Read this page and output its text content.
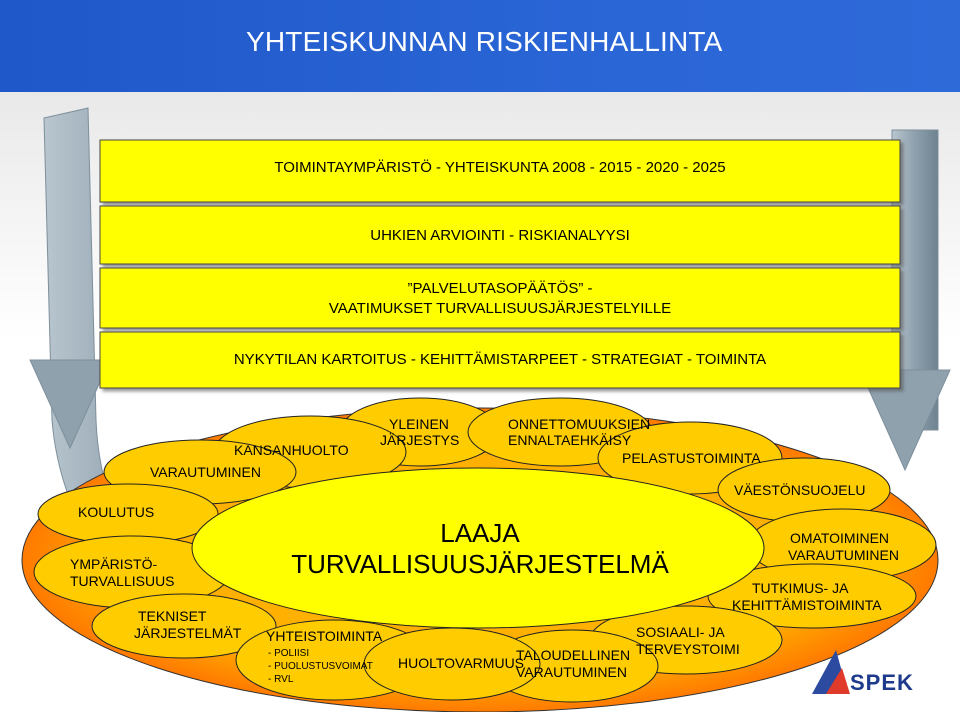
YHTEISKUNNAN RISKIENHALLINTA
TOIMINTAYMPÄRISTÖ - YHTEISKUNTA 2008 - 2015 - 2020 - 2025
UHKIEN ARVIOINTI - RISKIANALYYSI
”PALVELUTASOPÄÄTÖS” -
VAATIMUKSET TURVALLISUUSJÄRJESTELYILLE
NYKYTILAN KARTOITUS - KEHITTÄMISTARPEET - STRATEGIAT - TOIMINTA
LAAJA
TURVALLISUUSJÄRJESTELMÄ
YLEINEN
JÄRJESTYS
ONNETTOMUUKSIEN
ENNALTAEHKÄISY
KANSANHUOLTO	PELASTUSTOIMINTA
VARAUTUMINEN
VÄESTÖNSUOJELU
KOULUTUS
OMATOIMINEN
VARAUTUMINEN
YMPÄRISTÖ-
TURVALLISUUS	TUTKIMUS- JA
KEHITTÄMISTOIMINTA
TEKNISET
JÄRJESTELMÄT	SOSIAALI- JA
TERVEYSTOIMI
YHTEISTOIMINTA
- POLIISI
- PUOLUSTUSVOIMAT
- RVL
HUOLTOVARMUUS
TALOUDELLINEN
VARAUTUMINEN	SPEK
